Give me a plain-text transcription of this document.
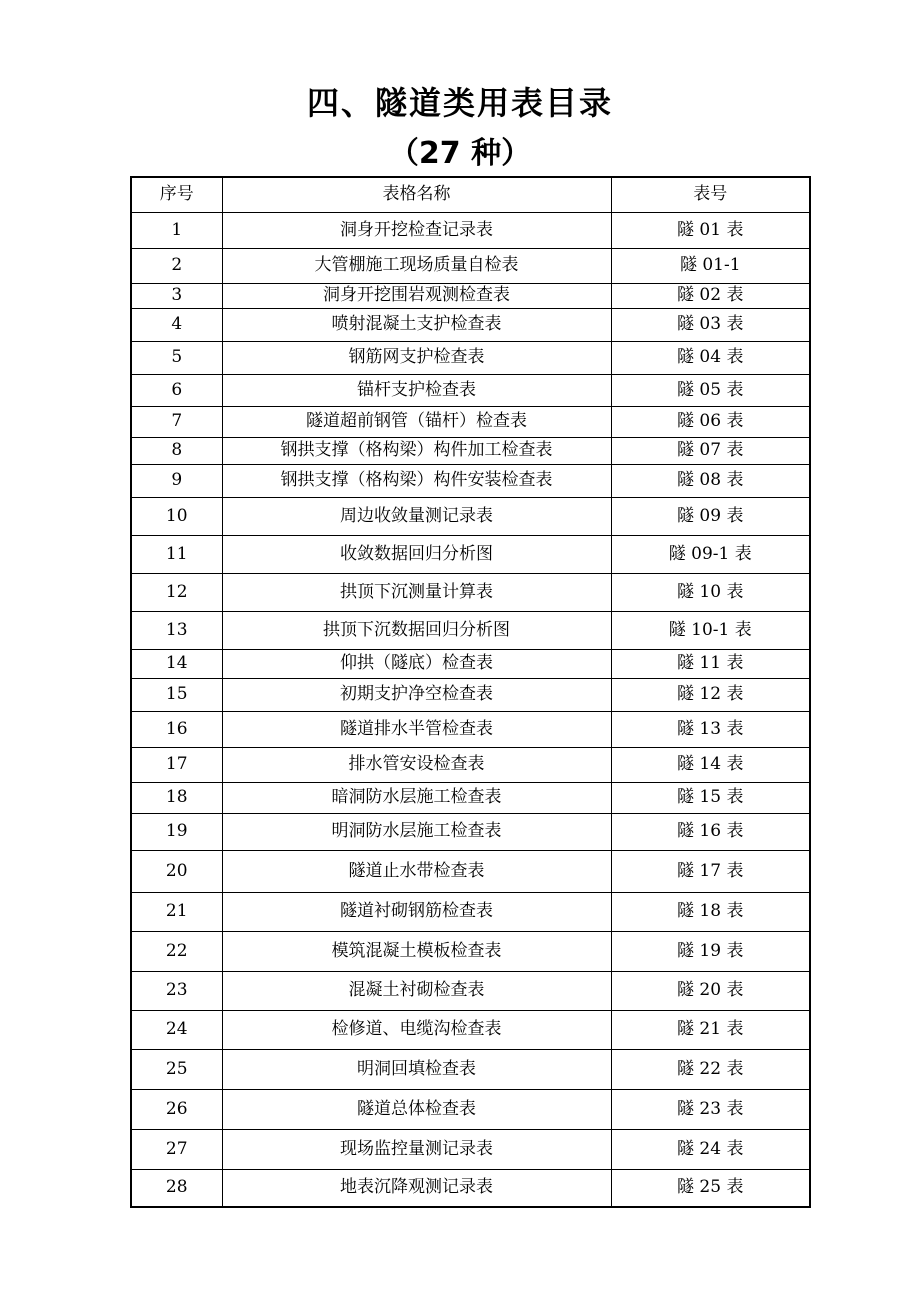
四、隧道类用表目录
（27 种）
序号	表格名称	表号
1	洞身开挖检查记录表	隧 01 表
2	大管棚施工现场质量自检表	隧 01-1
3	洞身开挖围岩观测检查表	隧 02 表
4	喷射混凝土支护检查表	隧 03 表
5	钢筋网支护检查表	隧 04 表
6	锚杆支护检查表	隧 05 表
7	隧道超前钢管（锚杆）检查表	隧 06 表
8	钢拱支撑（格构梁）构件加工检查表	隧 07 表
9	钢拱支撑（格构梁）构件安装检查表	隧 08 表
10	周边收敛量测记录表	隧 09 表
11	收敛数据回归分析图	隧 09-1 表
12	拱顶下沉测量计算表	隧 10 表
13	拱顶下沉数据回归分析图	隧 10-1 表
14	仰拱（隧底）检查表	隧 11 表
15	初期支护净空检查表	隧 12 表
16	隧道排水半管检查表	隧 13 表
17	排水管安设检查表	隧 14 表
18	暗洞防水层施工检查表	隧 15 表
19	明洞防水层施工检查表	隧 16 表
20	隧道止水带检查表	隧 17 表
21	隧道衬砌钢筋检查表	隧 18 表
22	模筑混凝土模板检查表	隧 19 表
23	混凝土衬砌检查表	隧 20 表
24	检修道、电缆沟检查表	隧 21 表
25	明洞回填检查表	隧 22 表
26	隧道总体检查表	隧 23 表
27	现场监控量测记录表	隧 24 表
28	地表沉降观测记录表	隧 25 表
